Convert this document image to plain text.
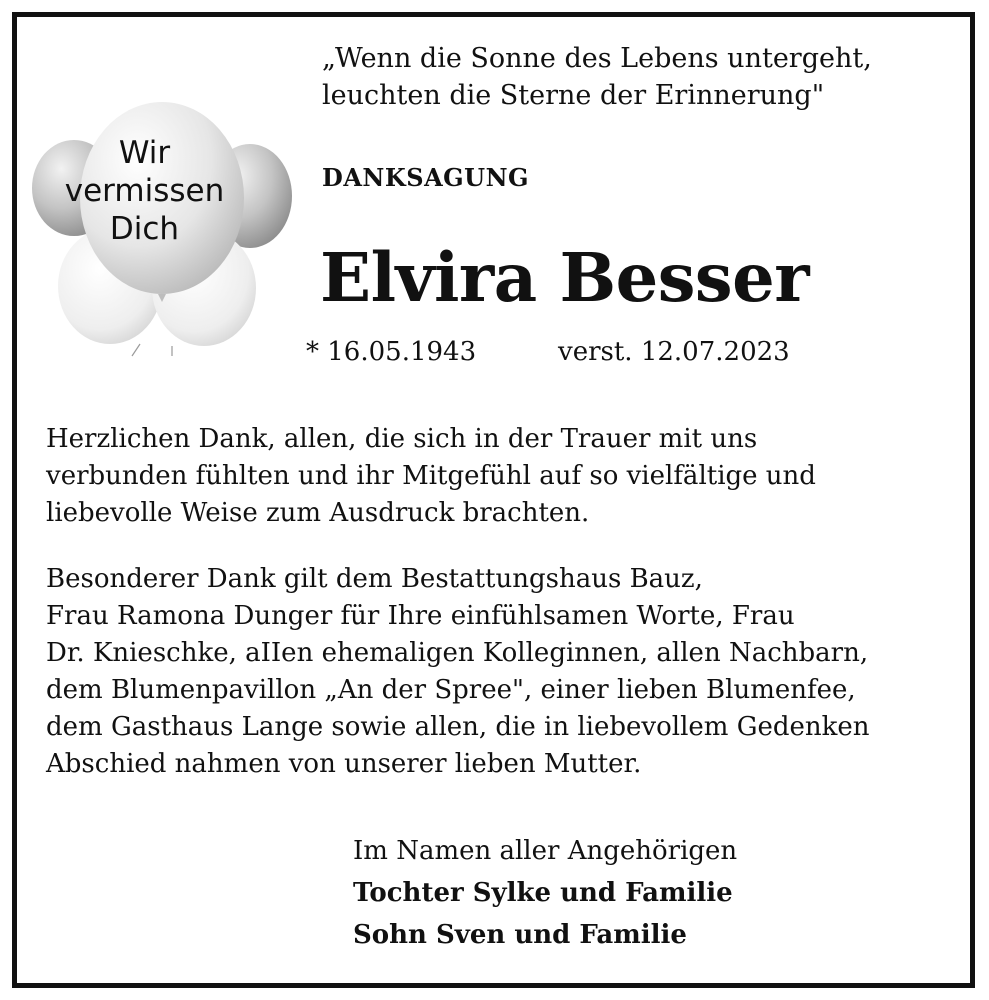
Wir
vermissen
Dich
„Wenn die Sonne des Lebens untergeht,
leuchten die Sterne der Erinnerung"
DANKSAGUNG
Elvira Besser
* 16.05.1943	verst. 12.07.2023
Herzlichen Dank, allen, die sich in der Trauer mit uns
verbunden fühlten und ihr Mitgefühl auf so vielfältige und
liebevolle Weise zum Ausdruck brachten.
Besonderer Dank gilt dem Bestattungshaus Bauz,
Frau Ramona Dunger für Ihre einfühlsamen Worte, Frau
Dr. Knieschke, aIIen ehemaligen Kolleginnen, allen Nachbarn,
dem Blumenpavillon „An der Spree", einer lieben Blumenfee,
dem Gasthaus Lange sowie allen, die in liebevollem Gedenken
Abschied nahmen von unserer lieben Mutter.
Im Namen aller Angehörigen
Tochter Sylke und Familie
Sohn Sven und Familie
